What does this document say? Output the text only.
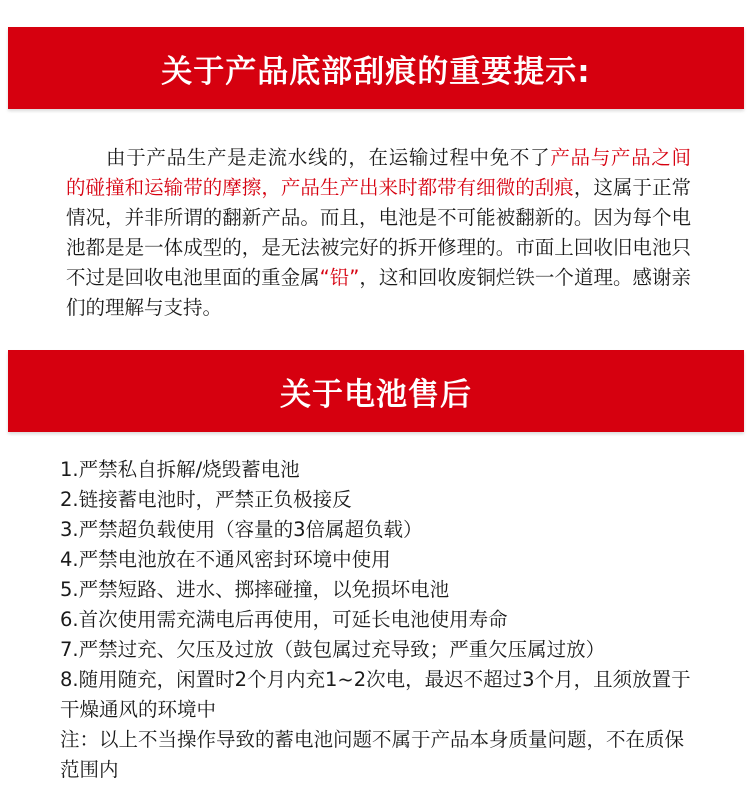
关于产品底部刮痕的重要提示:
由于产品生产是走流水线的，在运输过程中免不了产品与产品之间的碰撞和运输带的摩擦，产品生产出来时都带有细微的刮痕，这属于正常情况，并非所谓的翻新产品。而且，电池是不可能被翻新的。因为每个电池都是是一体成型的，是无法被完好的拆开修理的。市面上回收旧电池只不过是回收电池里面的重金属“铅”，这和回收废铜烂铁一个道理。感谢亲们的理解与支持。
关于电池售后

1.严禁私自拆解/烧毁蓄电池

2.链接蓄电池时，严禁正负极接反

3.严禁超负载使用（容量的3倍属超负载）

4.严禁电池放在不通风密封环境中使用

5.严禁短路、进水、掷摔碰撞，以免损坏电池

6.首次使用需充满电后再使用，可延长电池使用寿命

7.严禁过充、欠压及过放（鼓包属过充导致；严重欠压属过放）

8.随用随充，闲置时2个月内充1~2次电，最迟不超过3个月，且须放置于干燥通风的环境中

注：以上不当操作导致的蓄电池问题不属于产品本身质量问题，不在质保范围内
